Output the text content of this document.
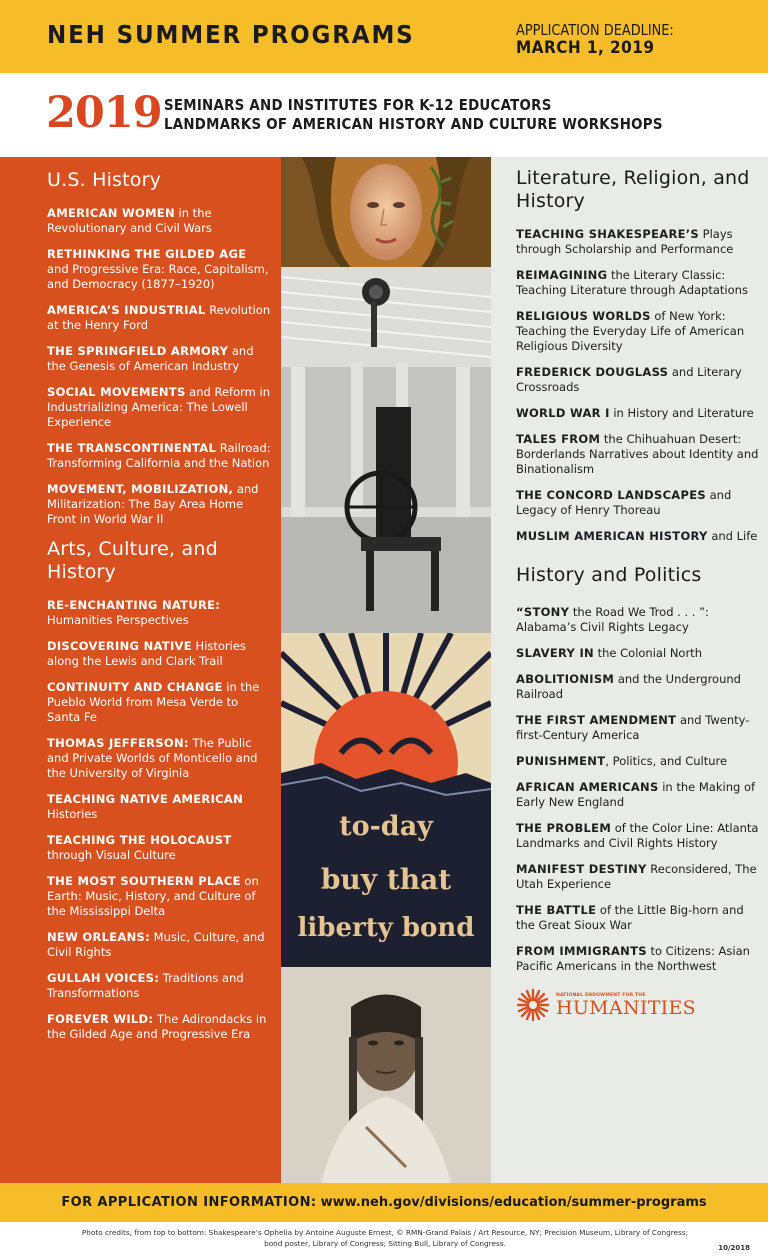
NEH SUMMER PROGRAMS	APPLICATION DEADLINE:
MARCH 1, 2019
2019 SEMINARS AND INSTITUTES FOR K-12 EDUCATORS
LANDMARKS OF AMERICAN HISTORY AND CULTURE WORKSHOPS
U.S. History
AMERICAN WOMEN in the Revolutionary and Civil Wars
RETHINKING THE GILDED AGE and Progressive Era: Race, Capitalism, and Democracy (1877–1920)
AMERICA’S INDUSTRIAL Revolution at the Henry Ford
THE SPRINGFIELD ARMORY and the Genesis of American Industry
SOCIAL MOVEMENTS and Reform in Industrializing America: The Lowell Experience
THE TRANSCONTINENTAL Railroad: Transforming California and the Nation
MOVEMENT, MOBILIZATION, and Militarization: The Bay Area Home Front in World War II
Arts, Culture, and History
RE-ENCHANTING NATURE: Humanities Perspectives
DISCOVERING NATIVE Histories along the Lewis and Clark Trail
CONTINUITY AND CHANGE in the Pueblo World from Mesa Verde to Santa Fe
THOMAS JEFFERSON: The Public and Private Worlds of Monticello and the University of Virginia
TEACHING NATIVE AMERICAN Histories
TEACHING THE HOLOCAUST through Visual Culture
THE MOST SOUTHERN PLACE on Earth: Music, History, and Culture of the Mississippi Delta
NEW ORLEANS: Music, Culture, and Civil Rights
GULLAH VOICES: Traditions and Transformations
FOREVER WILD: The Adirondacks in the Gilded Age and Progressive Era
to-day
buy that
liberty bond
Literature, Religion, and History
TEACHING SHAKESPEARE’S Plays through Scholarship and Performance
REIMAGINING the Literary Classic: Teaching Literature through Adaptations
RELIGIOUS WORLDS of New York: Teaching the Everyday Life of American Religious Diversity
FREDERICK DOUGLASS and Literary Crossroads
WORLD WAR I in History and Literature
TALES FROM the Chihuahuan Desert: Borderlands Narratives about Identity and Binationalism
THE CONCORD LANDSCAPES and Legacy of Henry Thoreau
MUSLIM AMERICAN HISTORY and Life
History and Politics
“STONY the Road We Trod . . . ”: Alabama’s Civil Rights Legacy
SLAVERY IN the Colonial North
ABOLITIONISM and the Underground Railroad
THE FIRST AMENDMENT and Twenty-first-Century America
PUNISHMENT, Politics, and Culture
AFRICAN AMERICANS in the Making of Early New England
THE PROBLEM of the Color Line: Atlanta Landmarks and Civil Rights History
MANIFEST DESTINY Reconsidered, The Utah Experience
THE BATTLE of the Little Big-horn and the Great Sioux War
FROM IMMIGRANTS to Citizens: Asian Pacific Americans in the Northwest
NATIONAL ENDOWMENT FOR THE
HUMANITIES
FOR APPLICATION INFORMATION: www.neh.gov/divisions/education/summer-programs
Photo credits, from top to bottom: Shakespeare’s Ophelia by Antoine Auguste Ernest, © RMN-Grand Palais / Art Resource, NY; Precision Museum, Library of Congress; bond poster, Library of Congress; Sitting Bull, Library of Congress.	10/2018
